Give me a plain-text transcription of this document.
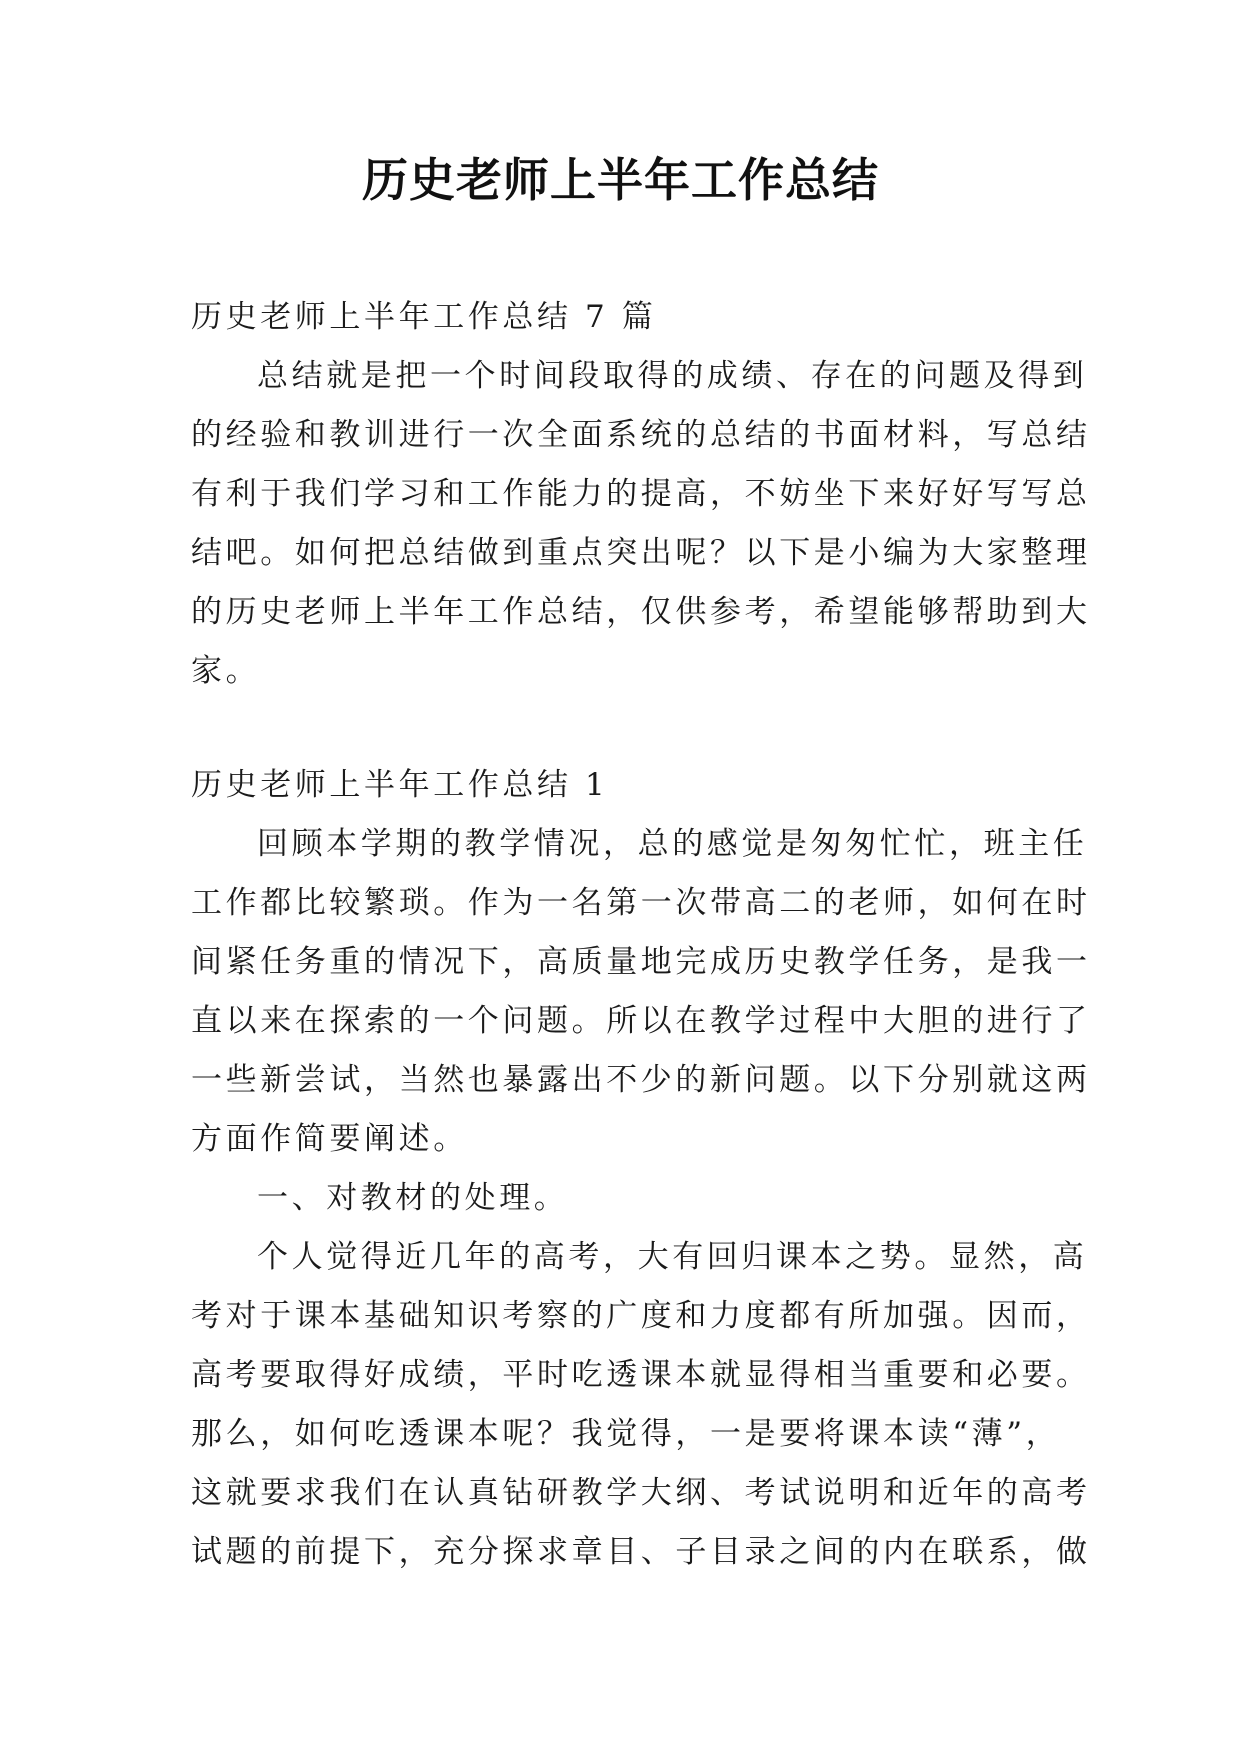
历史老师上半年工作总结
历史老师上半年工作总结 7 篇
总结就是把一个时间段取得的成绩、存在的问题及得到
的经验和教训进行一次全面系统的总结的书面材料，写总结
有利于我们学习和工作能力的提高，不妨坐下来好好写写总
结吧。如何把总结做到重点突出呢？以下是小编为大家整理
的历史老师上半年工作总结，仅供参考，希望能够帮助到大
家。
历史老师上半年工作总结 1
回顾本学期的教学情况，总的感觉是匆匆忙忙，班主任
工作都比较繁琐。作为一名第一次带高二的老师，如何在时
间紧任务重的情况下，高质量地完成历史教学任务，是我一
直以来在探索的一个问题。所以在教学过程中大胆的进行了
一些新尝试，当然也暴露出不少的新问题。以下分别就这两
方面作简要阐述。
一、对教材的处理。
个人觉得近几年的高考，大有回归课本之势。显然，高
考对于课本基础知识考察的广度和力度都有所加强。因而，
高考要取得好成绩，平时吃透课本就显得相当重要和必要。
那么，如何吃透课本呢？我觉得，一是要将课本读“薄”，
这就要求我们在认真钻研教学大纲、考试说明和近年的高考
试题的前提下，充分探求章目、子目录之间的内在联系，做
